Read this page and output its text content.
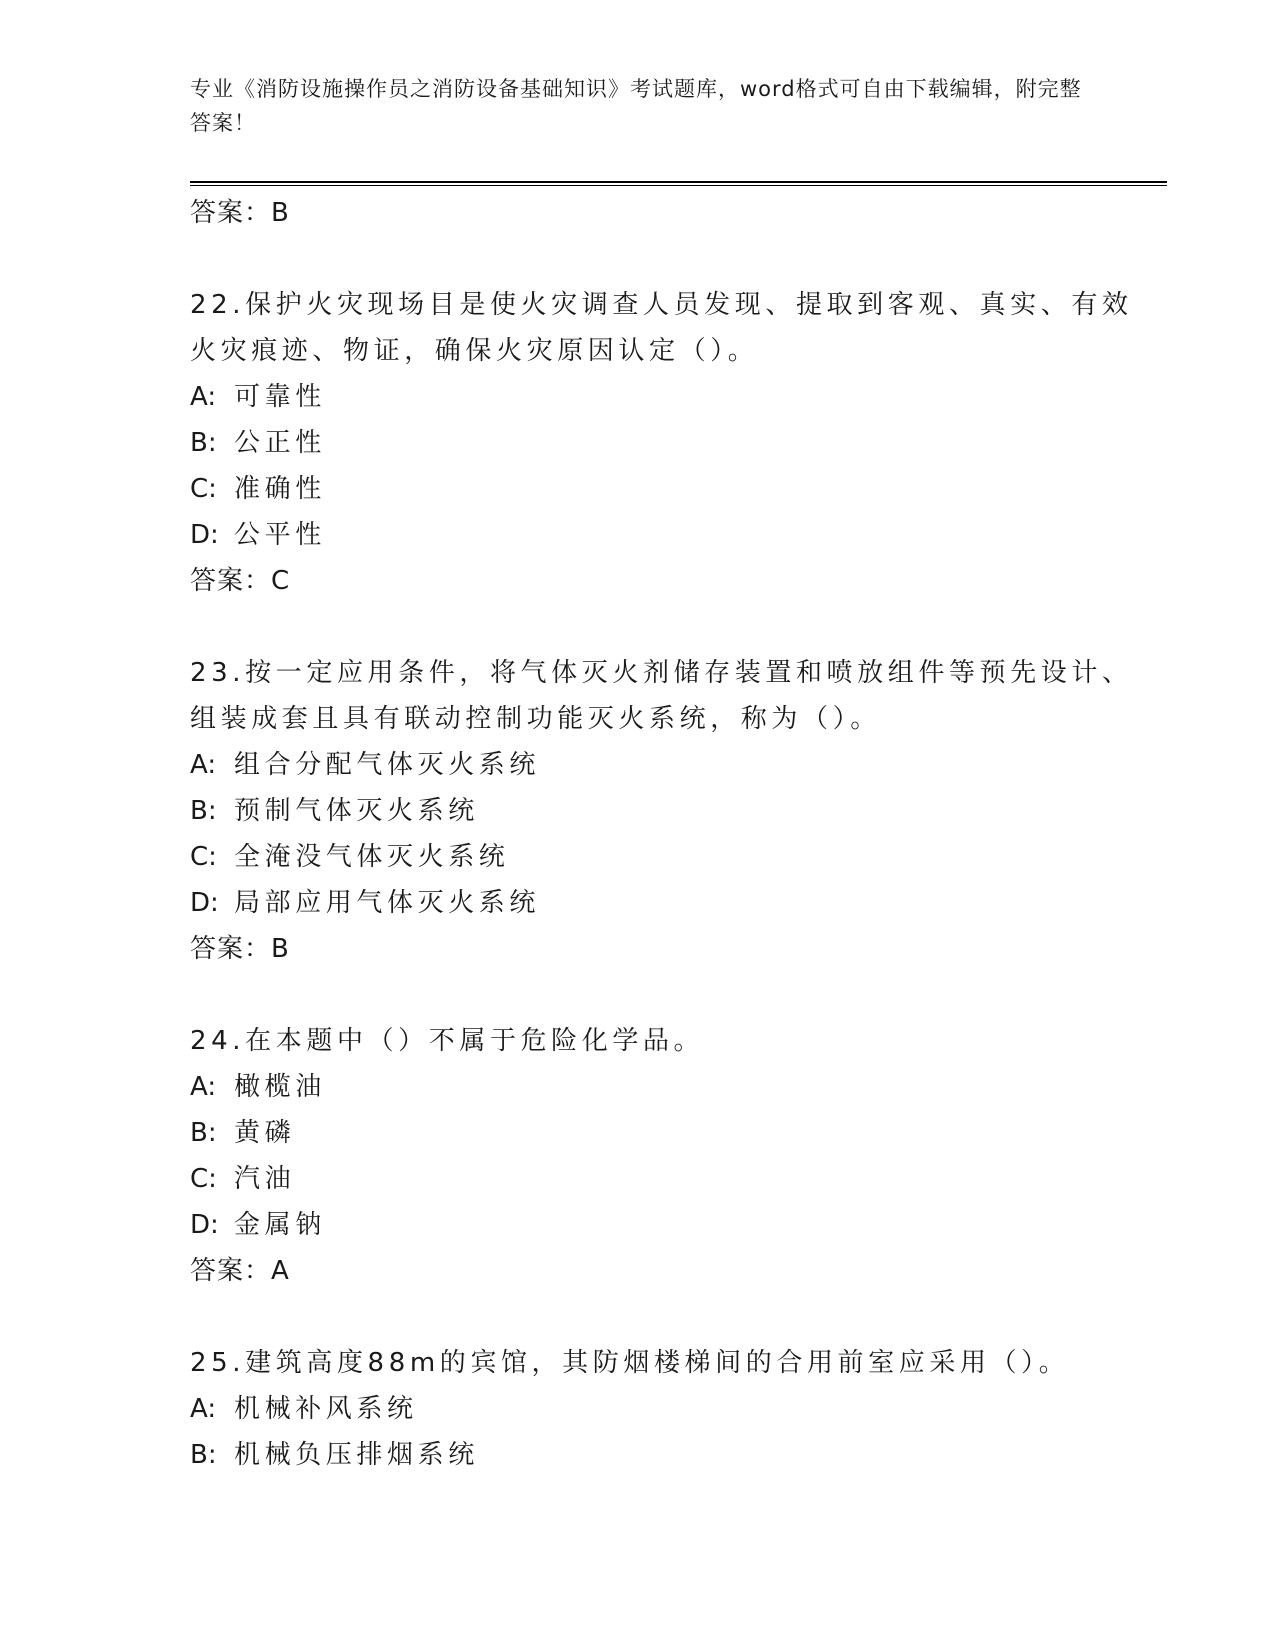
专业《消防设施操作员之消防设备基础知识》考试题库，word格式可自由下载编辑，附完整答案！
答案：B
22.保护火灾现场目是使火灾调查人员发现、提取到客观、真实、有效
火灾痕迹、物证，确保火灾原因认定（）。
A: 可靠性
B: 公正性
C: 准确性
D: 公平性
答案：C
23.按一定应用条件，将气体灭火剂储存装置和喷放组件等预先设计、
组装成套且具有联动控制功能灭火系统，称为（）。
A: 组合分配气体灭火系统
B: 预制气体灭火系统
C: 全淹没气体灭火系统
D: 局部应用气体灭火系统
答案：B
24.在本题中（）不属于危险化学品。
A: 橄榄油
B: 黄磷
C: 汽油
D: 金属钠
答案：A
25.建筑高度88m的宾馆，其防烟楼梯间的合用前室应采用（）。
A: 机械补风系统
B: 机械负压排烟系统
